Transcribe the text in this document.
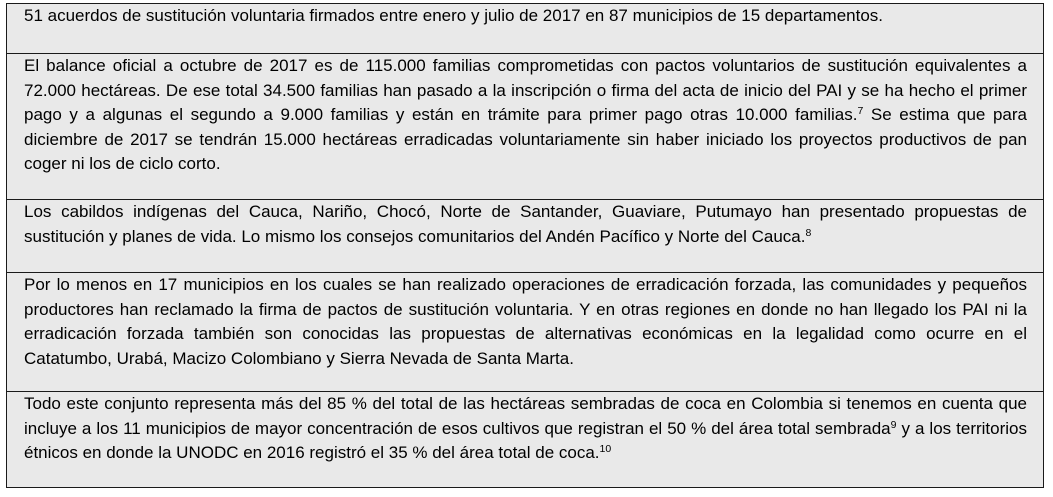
51 acuerdos de sustitución voluntaria firmados entre enero y julio de 2017 en 87 municipios de 15 departamentos.
El balance oficial a octubre de 2017 es de 115.000 familias comprometidas con pactos voluntarios de sustitución equivalentes a 72.000 hectáreas. De ese total 34.500 familias han pasado a la inscripción o firma del acta de inicio del PAI y se ha hecho el primer pago y a algunas el segundo a 9.000 familias y están en trámite para primer pago otras 10.000 familias.$^7$ Se estima que para diciembre de 2017 se tendrán 15.000 hectáreas erradicadas voluntariamente sin haber iniciado los proyectos productivos de pan coger ni los de ciclo corto.
Los cabildos indígenas del Cauca, Nariño, Chocó, Norte de Santander, Guaviare, Putumayo han presentado propuestas de sustitución y planes de vida. Lo mismo los consejos comunitarios del Andén Pacífico y Norte del Cauca.$^8$
Por lo menos en 17 municipios en los cuales se han realizado operaciones de erradicación forzada, las comunidades y pequeños productores han reclamado la firma de pactos de sustitución voluntaria. Y en otras regiones en donde no han llegado los PAI ni la erradicación forzada también son conocidas las propuestas de alternativas económicas en la legalidad como ocurre en el Catatumbo, Urabá, Macizo Colombiano y Sierra Nevada de Santa Marta.
Todo este conjunto representa más del 85 % del total de las hectáreas sembradas de coca en Colombia si tenemos en cuenta que incluye a los 11 municipios de mayor concentración de esos cultivos que registran el 50 % del área total sembrada$^9$ y a los territorios étnicos en donde la UNODC en 2016 registró el 35 % del área total de coca.$^{10}$
